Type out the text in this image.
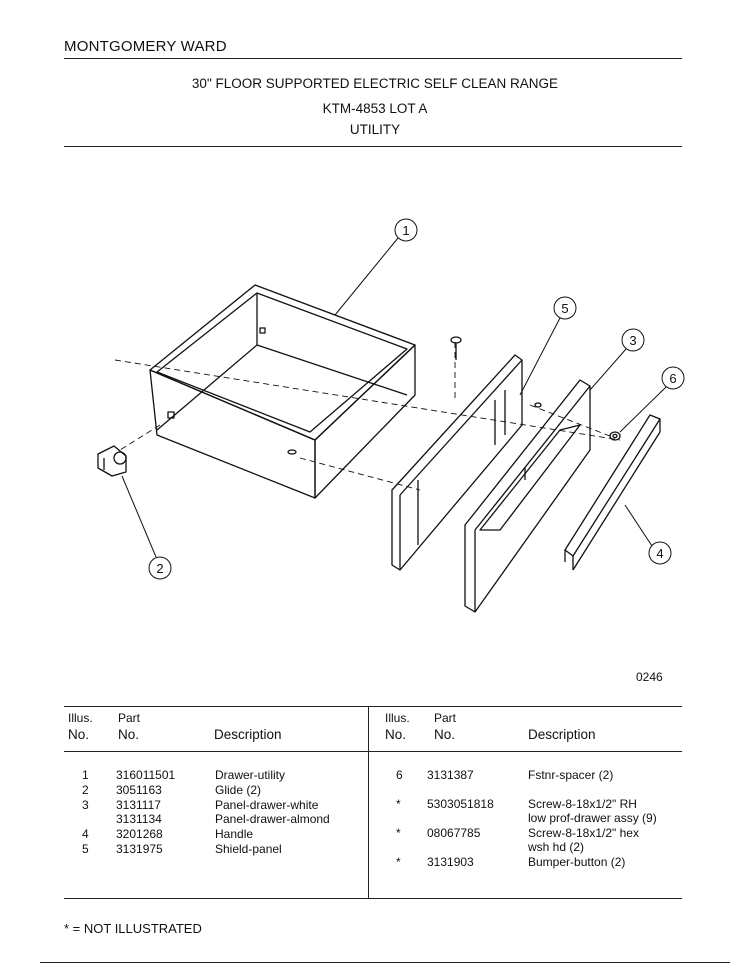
MONTGOMERY WARD
30" FLOOR SUPPORTED ELECTRIC SELF CLEAN RANGE
KTM-4853 LOT A
UTILITY
1
5
3
6
4
2
0246
Illus.
No.
Part
No.	Description
Illus.
No.
Part
No.	Description
1 316011501	Drawer-utility
2 3051163	Glide (2)
3 3131117	Panel-drawer-white
3131134	Panel-drawer-almond
4 3201268	Handle
5 3131975	Shield-panel
6 3131387	Fstnr-spacer (2)
* 5303051818	Screw-8-18x1/2" RH
low prof-drawer assy (9)
* 08067785	Screw-8-18x1/2" hex
wsh hd (2)
* 3131903	Bumper-button (2)
* = NOT ILLUSTRATED
